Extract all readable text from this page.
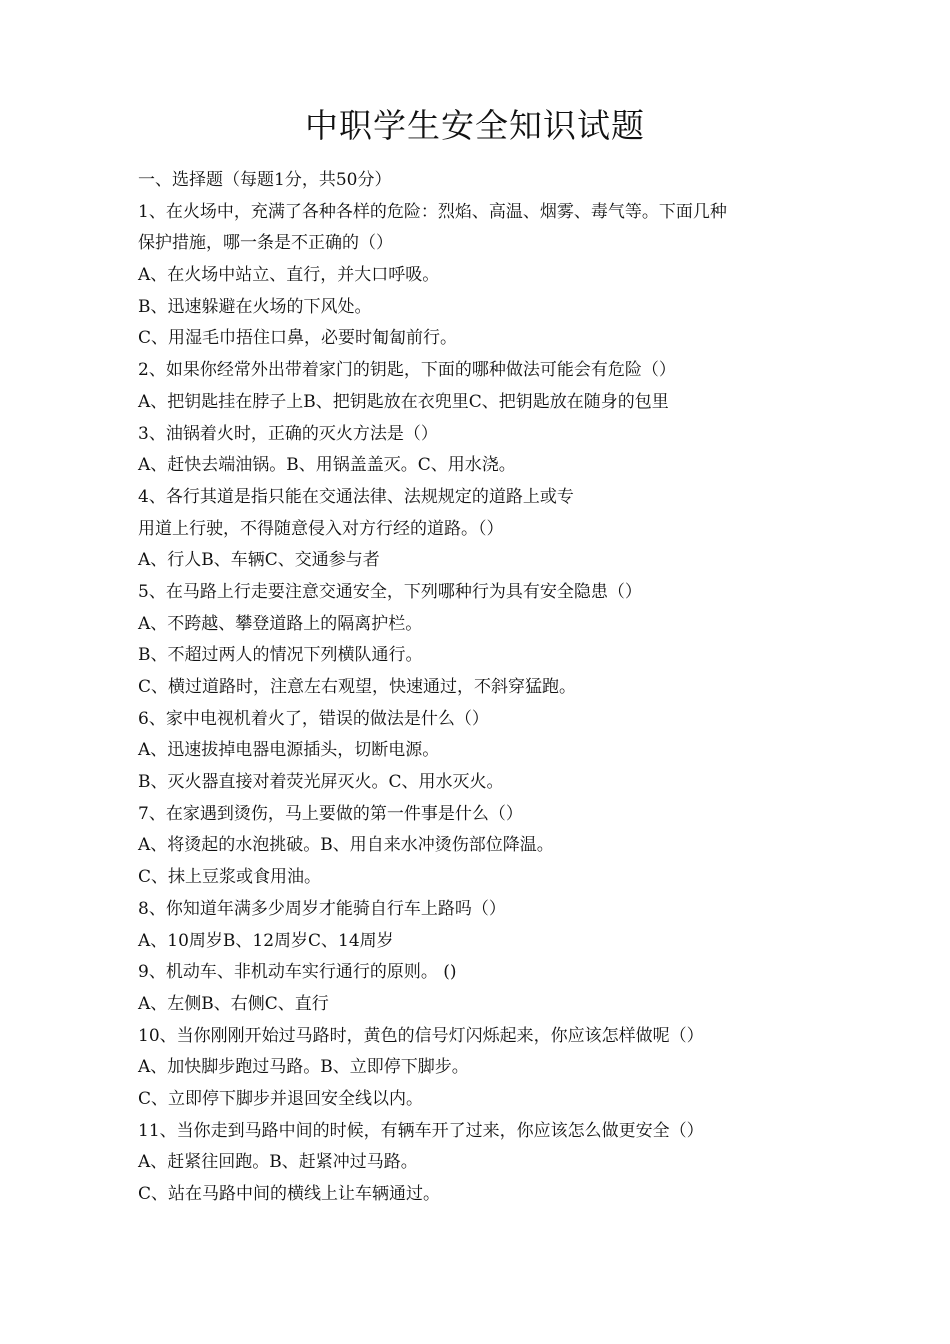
中职学生安全知识试题
一、选择题（每题1分，共50分）
1、在火场中，充满了各种各样的危险：烈焰、高温、烟雾、毒气等。下面几种
保护措施，哪一条是不正确的（）
A、在火场中站立、直行，并大口呼吸。
B、迅速躲避在火场的下风处。
C、用湿毛巾捂住口鼻，必要时匍匐前行。
2、如果你经常外出带着家门的钥匙，下面的哪种做法可能会有危险（）
A、把钥匙挂在脖子上B、把钥匙放在衣兜里C、把钥匙放在随身的包里
3、油锅着火时，正确的灭火方法是（）
A、赶快去端油锅。B、用锅盖盖灭。C、用水浇。
4、各行其道是指只能在交通法律、法规规定的道路上或专
用道上行驶，不得随意侵入对方行经的道路。（）
A、行人B、车辆C、交通参与者
5、在马路上行走要注意交通安全，下列哪种行为具有安全隐患（）
A、不跨越、攀登道路上的隔离护栏。
B、不超过两人的情况下列横队通行。
C、横过道路时，注意左右观望，快速通过，不斜穿猛跑。
6、家中电视机着火了，错误的做法是什么（）
A、迅速拔掉电器电源插头，切断电源。
B、灭火器直接对着荧光屏灭火。C、用水灭火。
7、在家遇到烫伤，马上要做的第一件事是什么（）
A、将烫起的水泡挑破。B、用自来水冲烫伤部位降温。
C、抹上豆浆或食用油。
8、你知道年满多少周岁才能骑自行车上路吗（）
A、10周岁B、12周岁C、14周岁
9、机动车、非机动车实行通行的原则。 ()
A、左侧B、右侧C、直行
10、当你刚刚开始过马路时，黄色的信号灯闪烁起来，你应该怎样做呢（）
A、加快脚步跑过马路。B、立即停下脚步。
C、立即停下脚步并退回安全线以内。
11、当你走到马路中间的时候，有辆车开了过来，你应该怎么做更安全（）
A、赶紧往回跑。B、赶紧冲过马路。
C、站在马路中间的横线上让车辆通过。
